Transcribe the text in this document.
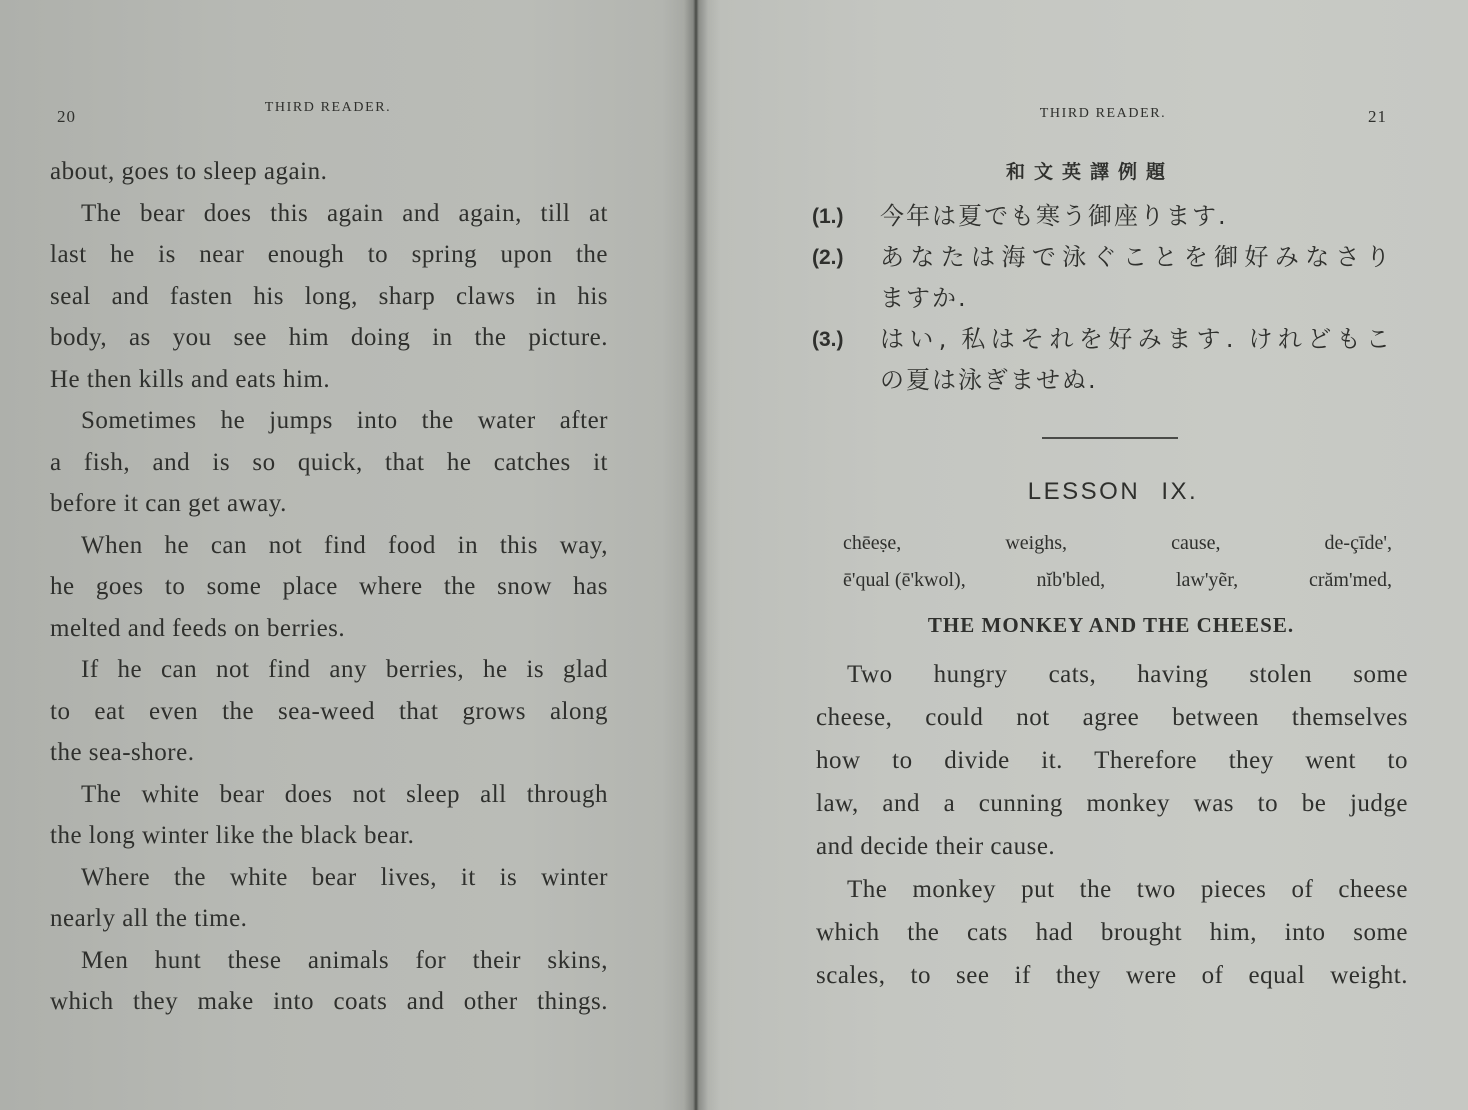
20	THIRD READER.
about, goes to sleep again.
The bear does this again and again, till at
last he is near enough to spring upon the
seal and fasten his long, sharp claws in his
body, as you see him doing in the picture.
He then kills and eats him.
Sometimes he jumps into the water after
a fish, and is so quick, that he catches it
before it can get away.
When he can not find food in this way,
he goes to some place where the snow has
melted and feeds on berries.
If he can not find any berries, he is glad
to eat even the sea-weed that grows along
the sea-shore.
The white bear does not sleep all through
the long winter like the black bear.
Where the white bear lives, it is winter
nearly all the time.
Men hunt these animals for their skins,
which they make into coats and other things.
THIRD READER.	21
和文英譯例題
(1.)	今年は夏でも寒う御座ります.
(2.)	あなたは海で泳ぐことを御好みなさり
ますか.
(3.)	はい, 私はそれを好みます. けれどもこ
の夏は泳ぎませぬ.
LESSON IX.
chēeṣe,	weighs,	cause,	de-çīde',
ē'qual (ē'kwol),	nĭb'bled,	law'yẽr,	crăm'med,
THE MONKEY AND THE CHEESE.
Two hungry cats, having stolen some
cheese, could not agree between themselves
how to divide it. Therefore they went to
law, and a cunning monkey was to be judge
and decide their cause.
The monkey put the two pieces of cheese
which the cats had brought him, into some
scales, to see if they were of equal weight.
